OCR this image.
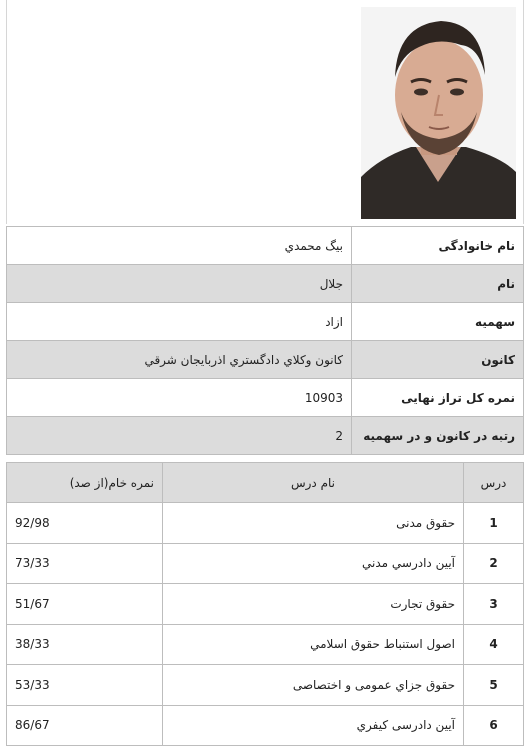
نام خانوادگی	بیگ محمدي
نام	جلال
سهمیه	ازاد
کانون	کانون وکلاي دادگستري اذربايجان شرقي
نمره کل تراز نهایی	10903
رتبه در کانون و در سهمیه	2
درس	نام درس	نمره خام(از صد)
1	حقوق مدنی	92/98
2	آیین دادرسي مدني	73/33
3	حقوق تجارت	51/67
4	اصول استنباط حقوق اسلامي	38/33
5	حقوق جزاي عمومی و اختصاصی	53/33
6	آیین دادرسی کیفري	86/67
